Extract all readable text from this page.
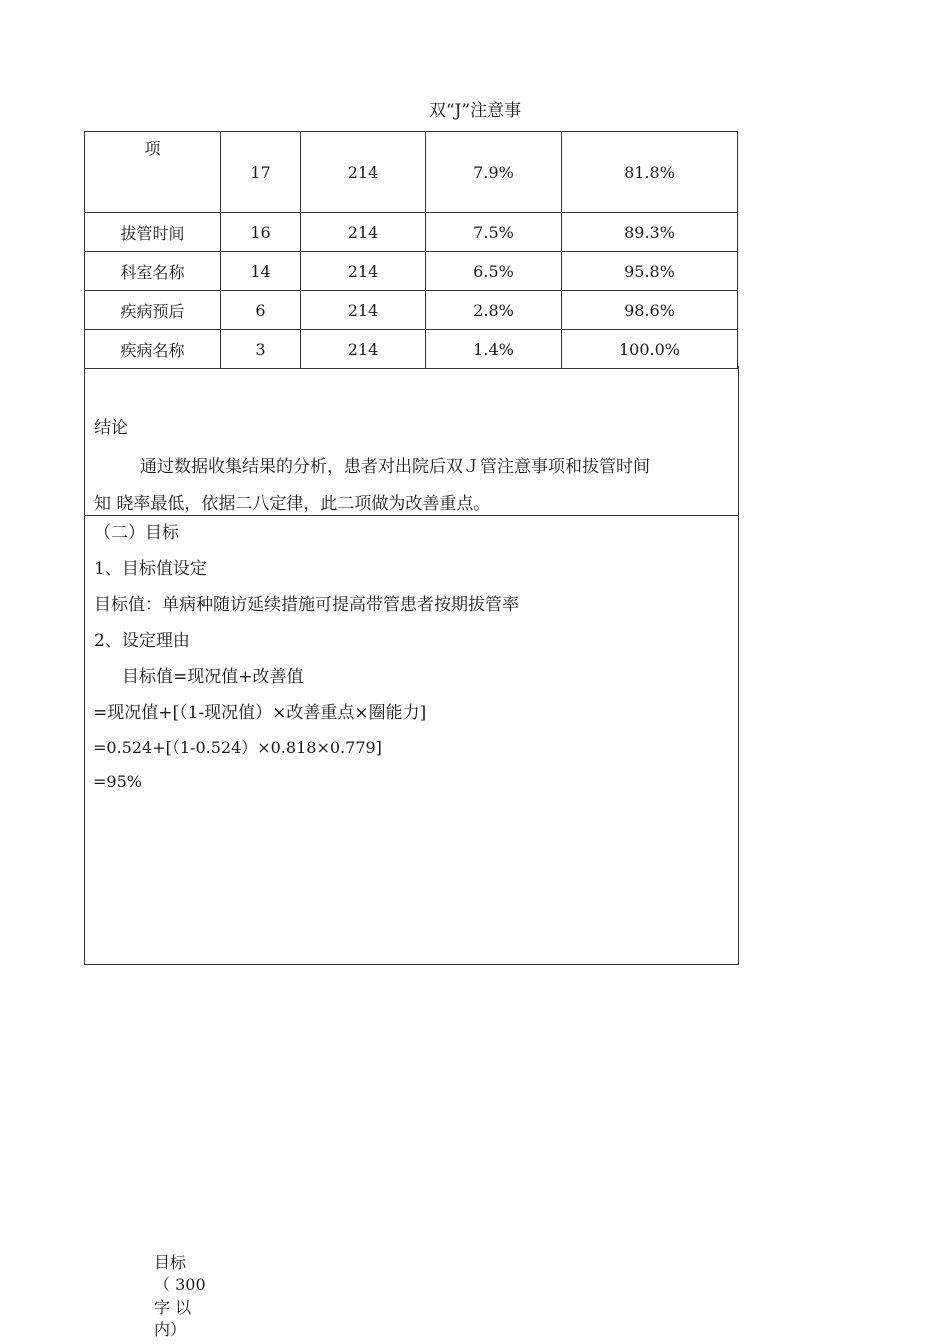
双“J”注意事
项	17	214	7.9%	81.8%
拔管时间	16	214	7.5%	89.3%
科室名称	14	214	6.5%	95.8%
疾病预后	6	214	2.8%	98.6%
疾病名称	3	214	1.4%	100.0%
结论
通过数据收集结果的分析，患者对出院后双Ｊ管注意事项和拔管时间
知 晓率最低，依据二八定律，此二项做为改善重点。
（二）目标
1、目标值设定
目标值：单病种随访延续措施可提高带管患者按期拔管率
2、设定理由
目标值=现况值+改善值
=现况值+[（1-现况值）×改善重点×圈能力]
=0.524+[（1-0.524）×0.818×0.779]
=95%
目标
（ 300
字 以
内）
